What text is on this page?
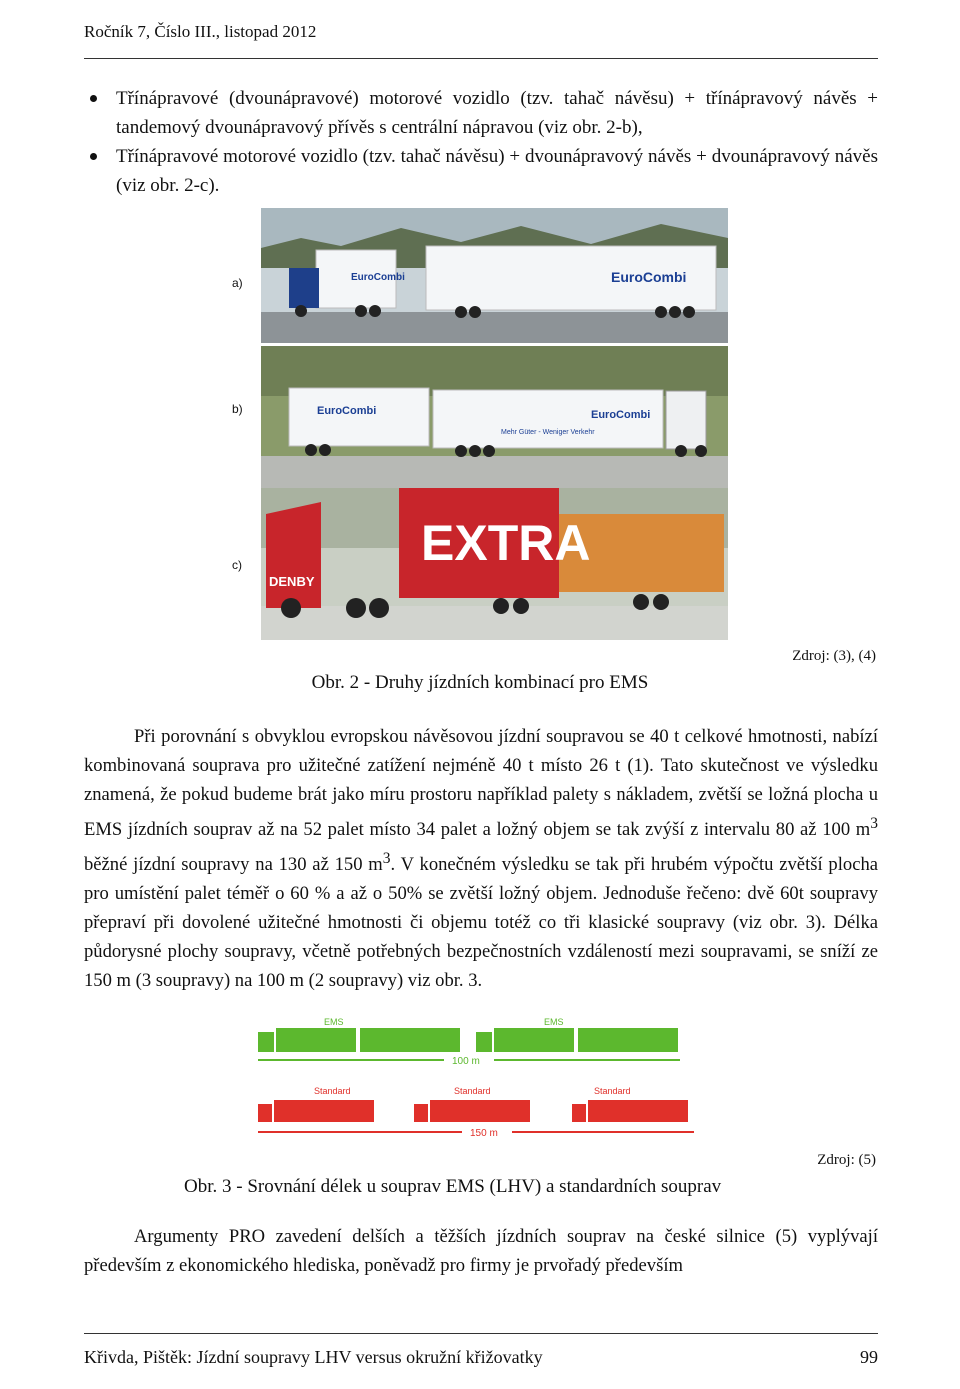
Ročník 7, Číslo III., listopad 2012
Třínápravové (dvounápravové) motorové vozidlo (tzv. tahač návěsu) + třínápravový návěs + tandemový dvounápravový přívěs s centrální nápravou (viz obr. 2-b),
Třínápravové motorové vozidlo (tzv. tahač návěsu) + dvounápravový návěs + dvounápravový návěs (viz obr. 2-c).
a)
b)
c)
EuroCombi	EuroCombi
EuroCombi	EuroCombi
Mehr Güter - Weniger Verkehr
EXTRA
DENBY
Zdroj: (3), (4)
Obr. 2 - Druhy jízdních kombinací pro EMS

Při porovnání s obvyklou evropskou návěsovou jízdní soupravou se 40 t celkové hmotnosti, nabízí kombinovaná souprava pro užitečné zatížení nejméně 40 t místo 26 t (1). Tato skutečnost ve výsledku znamená, že pokud budeme brát jako míru prostoru například palety s nákladem, zvětší se ložná plocha u EMS jízdních souprav až na 52 palet místo 34 palet a ložný objem se tak zvýší z intervalu 80 až 100 $m^3$ běžné jízdní soupravy na 130 až 150 $m^3$. V konečném výsledku se tak při hrubém výpočtu zvětší plocha pro umístění palet téměř o 60 % a až o 50% se zvětší ložný objem. Jednoduše řečeno: dvě 60t soupravy přepraví při dovolené užitečné hmotnosti či objemu totéž co tři klasické soupravy (viz obr. 3). Délka půdorysné plochy soupravy, včetně potřebných bezpečnostních vzdáleností mezi soupravami, se sníží ze 150 m (3 soupravy) na 100 m (2 soupravy) viz obr. 3.

EMS	EMS
100 m
Standard	Standard	Standard
150 m
Zdroj: (5)
Obr. 3 - Srovnání délek u souprav EMS (LHV) a standardních souprav

Argumenty PRO zavedení delších a těžších jízdních souprav na české silnice (5) vyplývají především z ekonomického hlediska, poněvadž pro firmy je prvořadý především

Křivda, Pištěk: Jízdní soupravy LHV versus okružní křižovatky	99
